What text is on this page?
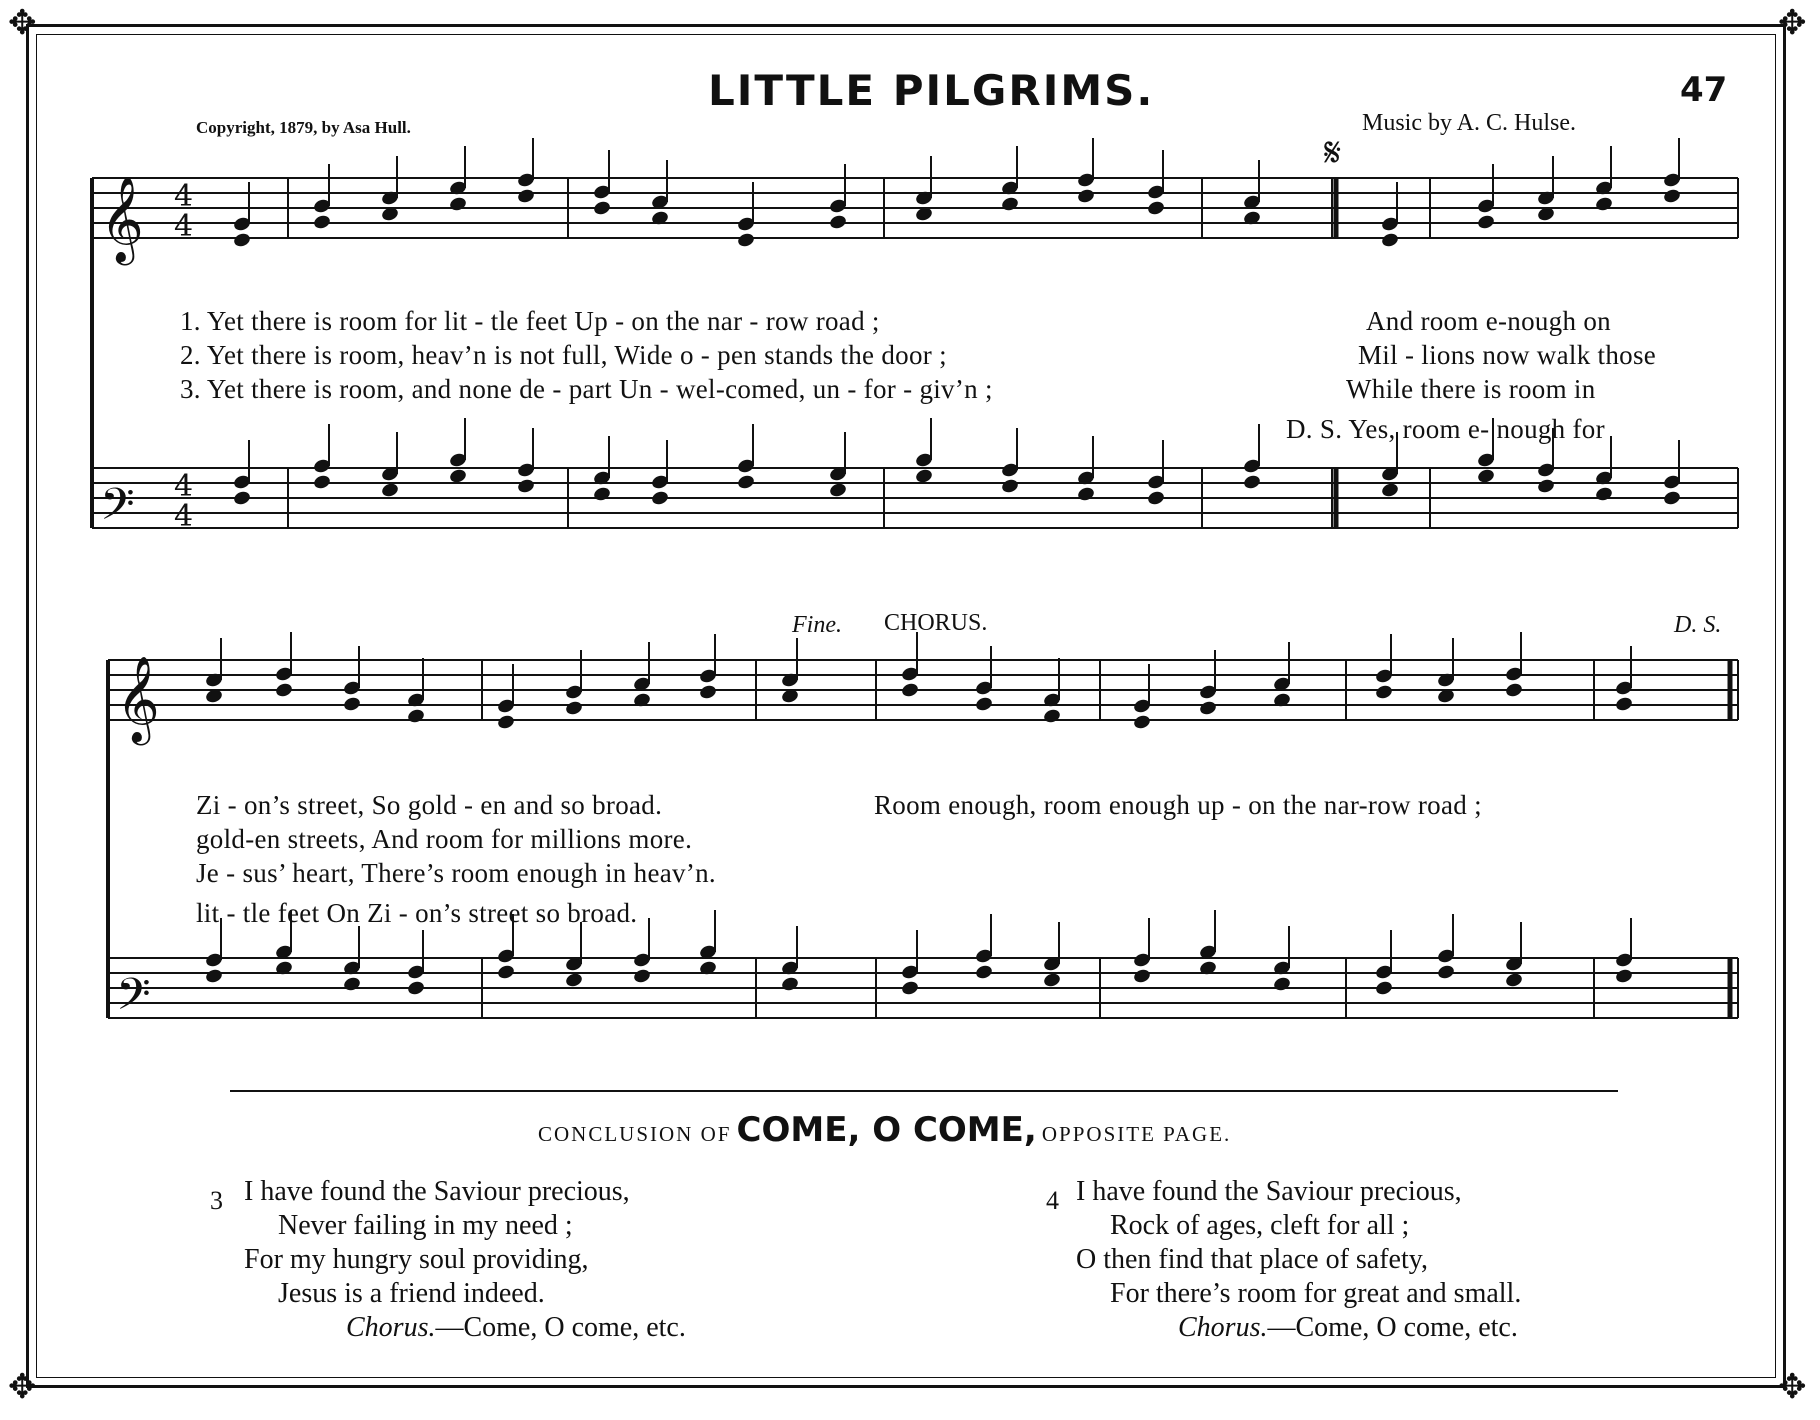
✥	✥
✥	✥
LITTLE PILGRIMS.	47
Copyright, 1879, by Asa Hull.	Music by A. C. Hulse.
𝄞
𝄢
𝄞
𝄢
4
4
4
4
𝄋
1. Yet there is room for lit - tle feet Up - on the nar - row road ;
2. Yet there is room, heav’n is not full, Wide o - pen stands the door ;
3. Yet there is room, and none de - part Un - wel-comed, un - for - giv’n ;
And room e-nough on
Mil - lions now walk those
While there is room in
D. S. Yes, room e- nough for
Fine. CHORUS.	D. S.
Zi - on’s street, So gold - en and so broad.
gold-en streets, And room for millions more.
Je - sus’ heart, There’s room enough in heav’n.
lit - tle feet On Zi - on’s street so broad.
Room enough, room enough up - on the nar-row road ;
CONCLUSION OF COME, O COME, OPPOSITE PAGE.
3 I have found the Saviour precious,
Never failing in my need ;
For my hungry soul providing,
Jesus is a friend indeed.
Chorus.—Come, O come, etc.
4 I have found the Saviour precious,
Rock of ages, cleft for all ;
O then find that place of safety,
For there’s room for great and small.
Chorus.—Come, O come, etc.
